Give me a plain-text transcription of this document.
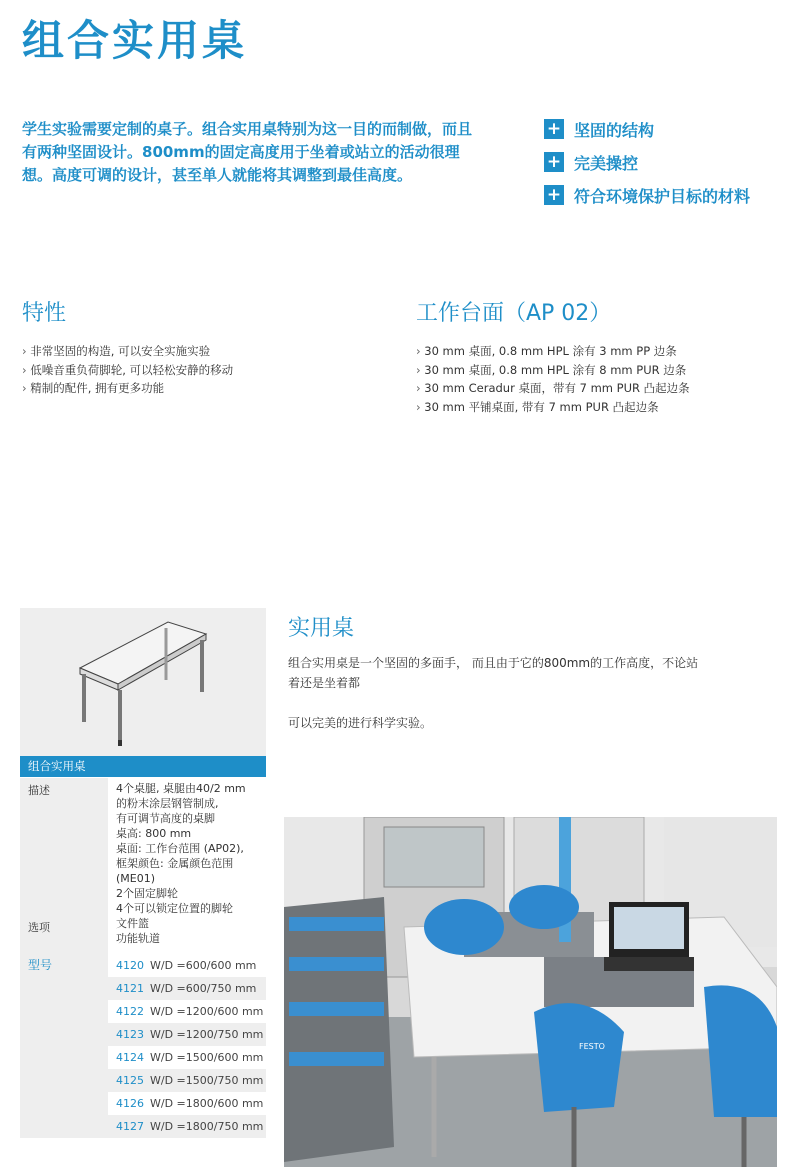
组合实用桌
学生实验需要定制的桌子。组合实用桌特别为这一目的而制做，而且有两种坚固设计。800mm的固定高度用于坐着或站立的活动很理想。高度可调的设计，甚至单人就能将其调整到最佳高度。
+ 坚固的结构
+ 完美操控
+ 符合环境保护目标的材料
特性
› 非常坚固的构造, 可以安全实施实验
› 低噪音重负荷脚轮, 可以轻松安静的移动
› 精制的配件, 拥有更多功能
工作台面（AP 02）
› 30 mm 桌面, 0.8 mm HPL 涂有 3 mm PP 边条
› 30 mm 桌面, 0.8 mm HPL 涂有 8 mm PUR 边条
› 30 mm Ceradur 桌面，带有 7 mm PUR 凸起边条
› 30 mm 平铺桌面, 带有 7 mm PUR 凸起边条
组合实用桌
描述
选项
4个桌腿, 桌腿由40/2 mm
的粉末涂层钢管制成,
有可调节高度的桌脚
桌高: 800 mm
桌面: 工作台范围 (AP02),
框架颜色: 金属颜色范围
(ME01)
2个固定脚轮
4个可以锁定位置的脚轮
文件篮
功能轨道
型号	4120 W/D =600/600 mm
4121 W/D =600/750 mm
4122 W/D =1200/600 mm
4123 W/D =1200/750 mm
4124 W/D =1500/600 mm
4125 W/D =1500/750 mm
4126 W/D =1800/600 mm
4127 W/D =1800/750 mm
实用桌
组合实用桌是一个坚固的多面手， 而且由于它的800mm的工作高度，不论站着还是坐着都
可以完美的进行科学实验。
FESTO
